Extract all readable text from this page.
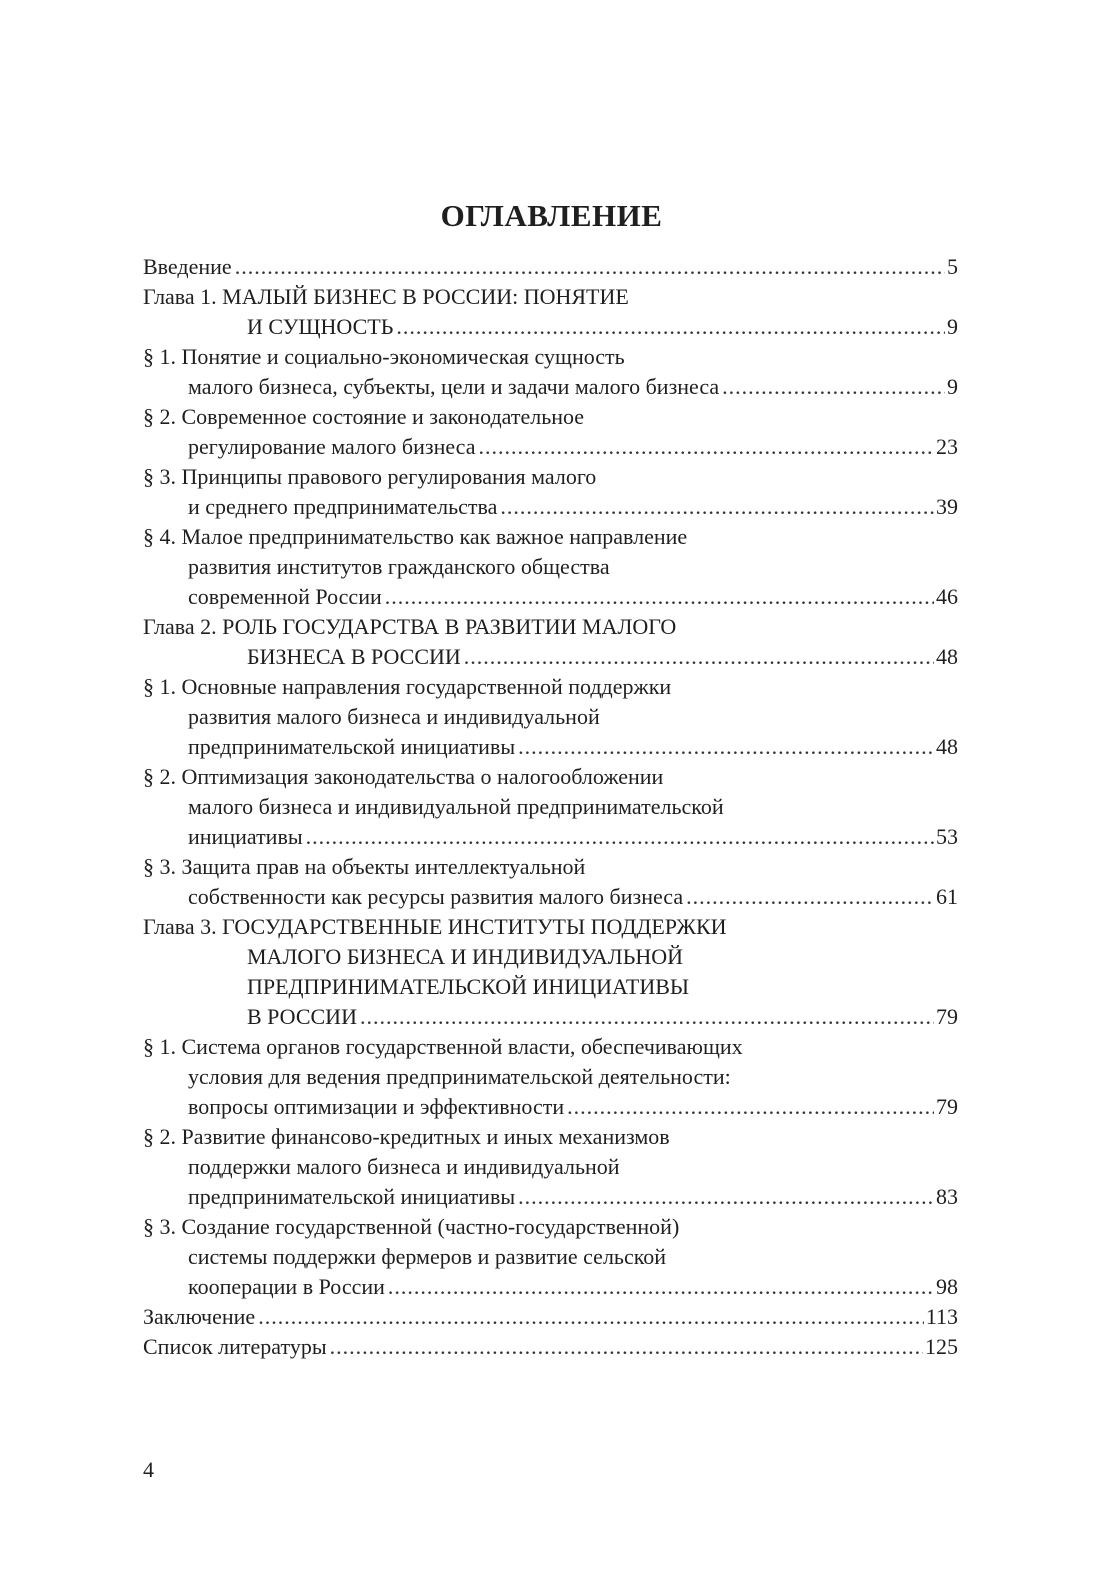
ОГЛАВЛЕНИЕ
Введение .....	5
Глава 1. МАЛЫЙ БИЗНЕС В РОССИИ: ПОНЯТИЕ
И СУЩНОСТЬ .....	9
§ 1. Понятие и социально-экономическая сущность
малого бизнеса, субъекты, цели и задачи малого бизнеса .....	9
§ 2. Современное состояние и законодательное
регулирование малого бизнеса .....	23
§ 3. Принципы правового регулирования малого
и среднего предпринимательства .....	39
§ 4. Малое предпринимательство как важное направление
развития институтов гражданского общества
современной России .....	46
Глава 2. РОЛЬ ГОСУДАРСТВА В РАЗВИТИИ МАЛОГО
БИЗНЕСА В РОССИИ .....	48
§ 1. Основные направления государственной поддержки
развития малого бизнеса и индивидуальной
предпринимательской инициативы .....	48
§ 2. Оптимизация законодательства о налогообложении
малого бизнеса и индивидуальной предпринимательской
инициативы .....	53
§ 3. Защита прав на объекты интеллектуальной
собственности как ресурсы развития малого бизнеса .....	61
Глава 3. ГОСУДАРСТВЕННЫЕ ИНСТИТУТЫ ПОДДЕРЖКИ
МАЛОГО БИЗНЕСА И ИНДИВИДУАЛЬНОЙ
ПРЕДПРИНИМАТЕЛЬСКОЙ ИНИЦИАТИВЫ
В РОССИИ .....	79
§ 1. Система органов государственной власти, обеспечивающих
условия для ведения предпринимательской деятельности:
вопросы оптимизации и эффективности .....	79
§ 2. Развитие финансово-кредитных и иных механизмов
поддержки малого бизнеса и индивидуальной
предпринимательской инициативы .....	83
§ 3. Создание государственной (частно-государственной)
системы поддержки фермеров и развитие сельской
кооперации в России .....	98
Заключение .....	113
Список литературы .....	125
4
